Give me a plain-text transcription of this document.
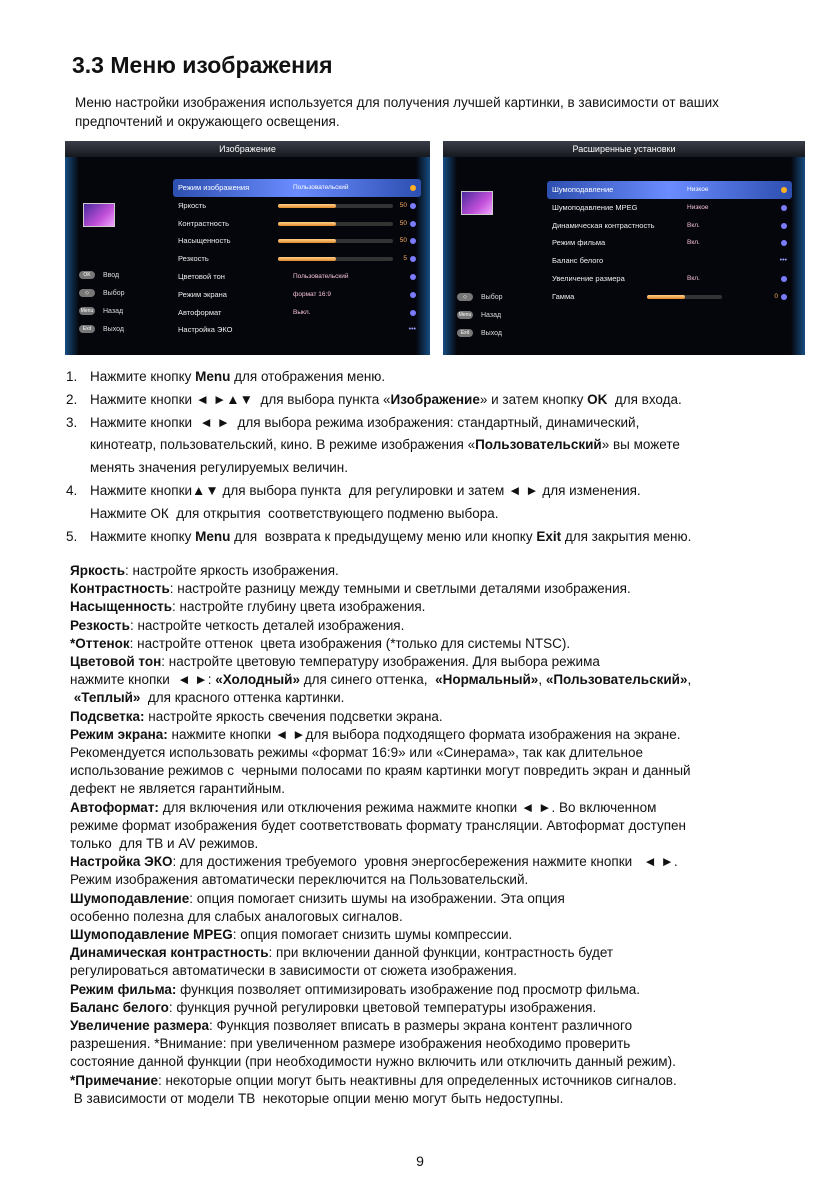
3.3 Меню изображения
Меню настройки изображения используется для получения лучшей картинки, в зависимости от ваших предпочтений и окружающего освещения.
Изображение
Режим изображения	Пользовательский
Яркость	50
Контрастность	50
Насыщенность	50
Резкость	5
Цветовой тон	Пользовательский
Режим экрана	формат 16:9
Автоформат	Выкл.
Настройка ЭКО	•••
OK Ввод
◇ Выбор
Menu Назад
Exit Выход
Расширенные установки
Шумоподавление	Низкое
Шумоподавление MPEG	Низкое
Динамическая контрастность	Вкл.
Режим фильма	Вкл.
Баланс белого	•••
Увеличение размера	Вкл.
Гамма	0
◇ Выбор
Menu Назад
Exit Выход
1. Нажмите кнопку Menu для отображения меню.
2. Нажмите кнопки ◄ ►▲▼  для выбора пункта «Изображение» и затем кнопку OK  для входа.
3. Нажмите кнопки  ◄ ►  для выбора режима изображения: стандартный, динамический,
кинотеатр, пользовательский, кино. В режиме изображения «Пользовательский» вы можете
менять значения регулируемых величин.
4. Нажмите кнопки▲▼ для выбора пункта  для регулировки и затем ◄ ► для изменения.
Нажмите ОК  для открытия  соответствующего подменю выбора.
5. Нажмите кнопку Menu для  возврата к предыдущему меню или кнопку Exit для закрытия меню.

Яркость: настройте яркость изображения.

Контрастность: настройте разницу между темными и светлыми деталями изображения.

Насыщенность: настройте глубину цвета изображения.

Резкость: настройте четкость деталей изображения.

*Оттенок: настройте оттенок  цвета изображения (*только для системы NTSC).

Цветовой тон: настройте цветовую температуру изображения. Для выбора режима

нажмите кнопки  ◄ ►: «Холодный» для синего оттенка,  «Нормальный», «Пользовательский»,

«Теплый»  для красного оттенка картинки.

Подсветка: настройте яркость свечения подсветки экрана.

Режим экрана: нажмите кнопки ◄ ►для выбора подходящего формата изображения на экране.

Рекомендуется использовать режимы «формат 16:9» или «Синерама», так как длительное

использование режимов с  черными полосами по краям картинки могут повредить экран и данный

дефект не является гарантийным.

Автоформат: для включения или отключения режима нажмите кнопки ◄ ►. Во включенном

режиме формат изображения будет соответствовать формату трансляции. Автоформат доступен

только  для ТВ и AV режимов.

Настройка ЭКО: для достижения требуемого  уровня энергосбережения нажмите кнопки   ◄ ►.

Режим изображения автоматически переключится на Пользовательский.

Шумоподавление: опция помогает снизить шумы на изображении. Эта опция

особенно полезна для слабых аналоговых сигналов.

Шумоподавление MPEG: опция помогает снизить шумы компрессии.

Динамическая контрастность: при включении данной функции, контрастность будет

регулироваться автоматически в зависимости от сюжета изображения.

Режим фильма: функция позволяет оптимизировать изображение под просмотр фильма.

Баланс белого: функция ручной регулировки цветовой температуры изображения.

Увеличение размера: Функция позволяет вписать в размеры экрана контент различного

разрешения. *Внимание: при увеличенном размере изображения необходимо проверить

состояние данной функции (при необходимости нужно включить или отключить данный режим).

*Примечание: некоторые опции могут быть неактивны для определенных источников сигналов.

В зависимости от модели ТВ  некоторые опции меню могут быть недоступны.

9
